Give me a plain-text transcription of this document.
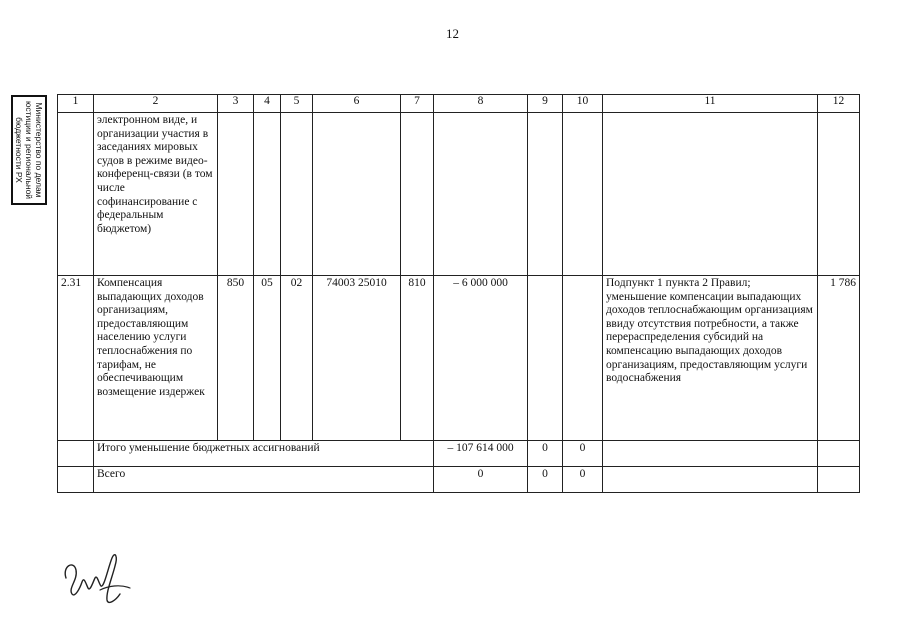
12
Министерство по делам
юстиции и региональной
бюджетности РХ
1	2	3	4	5	6	7	8	9	10	11	12
	электронном виде, и организации участия в заседаниях мировых судов в режиме видео-конференц-связи (в том числе софинансирование с федеральным бюджетом)										
2.31	Компенсация выпадающих доходов организациям, предоставляющим населению услуги теплоснабжения по тарифам, не обеспечивающим возмещение издержек	850	05	02	74003 25010	810	– 6 000 000			Подпункт 1 пункта 2 Правил; уменьшение компенсации выпадающих доходов теплоснабжающим организациям ввиду отсутствия потребности, а также перераспределения субсидий на компенсацию выпадающих доходов организациям, предоставляющим услуги водоснабжения	1 786
	Итого уменьшение бюджетных ассигнований						– 107 614 000	0	0		
	Всего						0	0	0		
